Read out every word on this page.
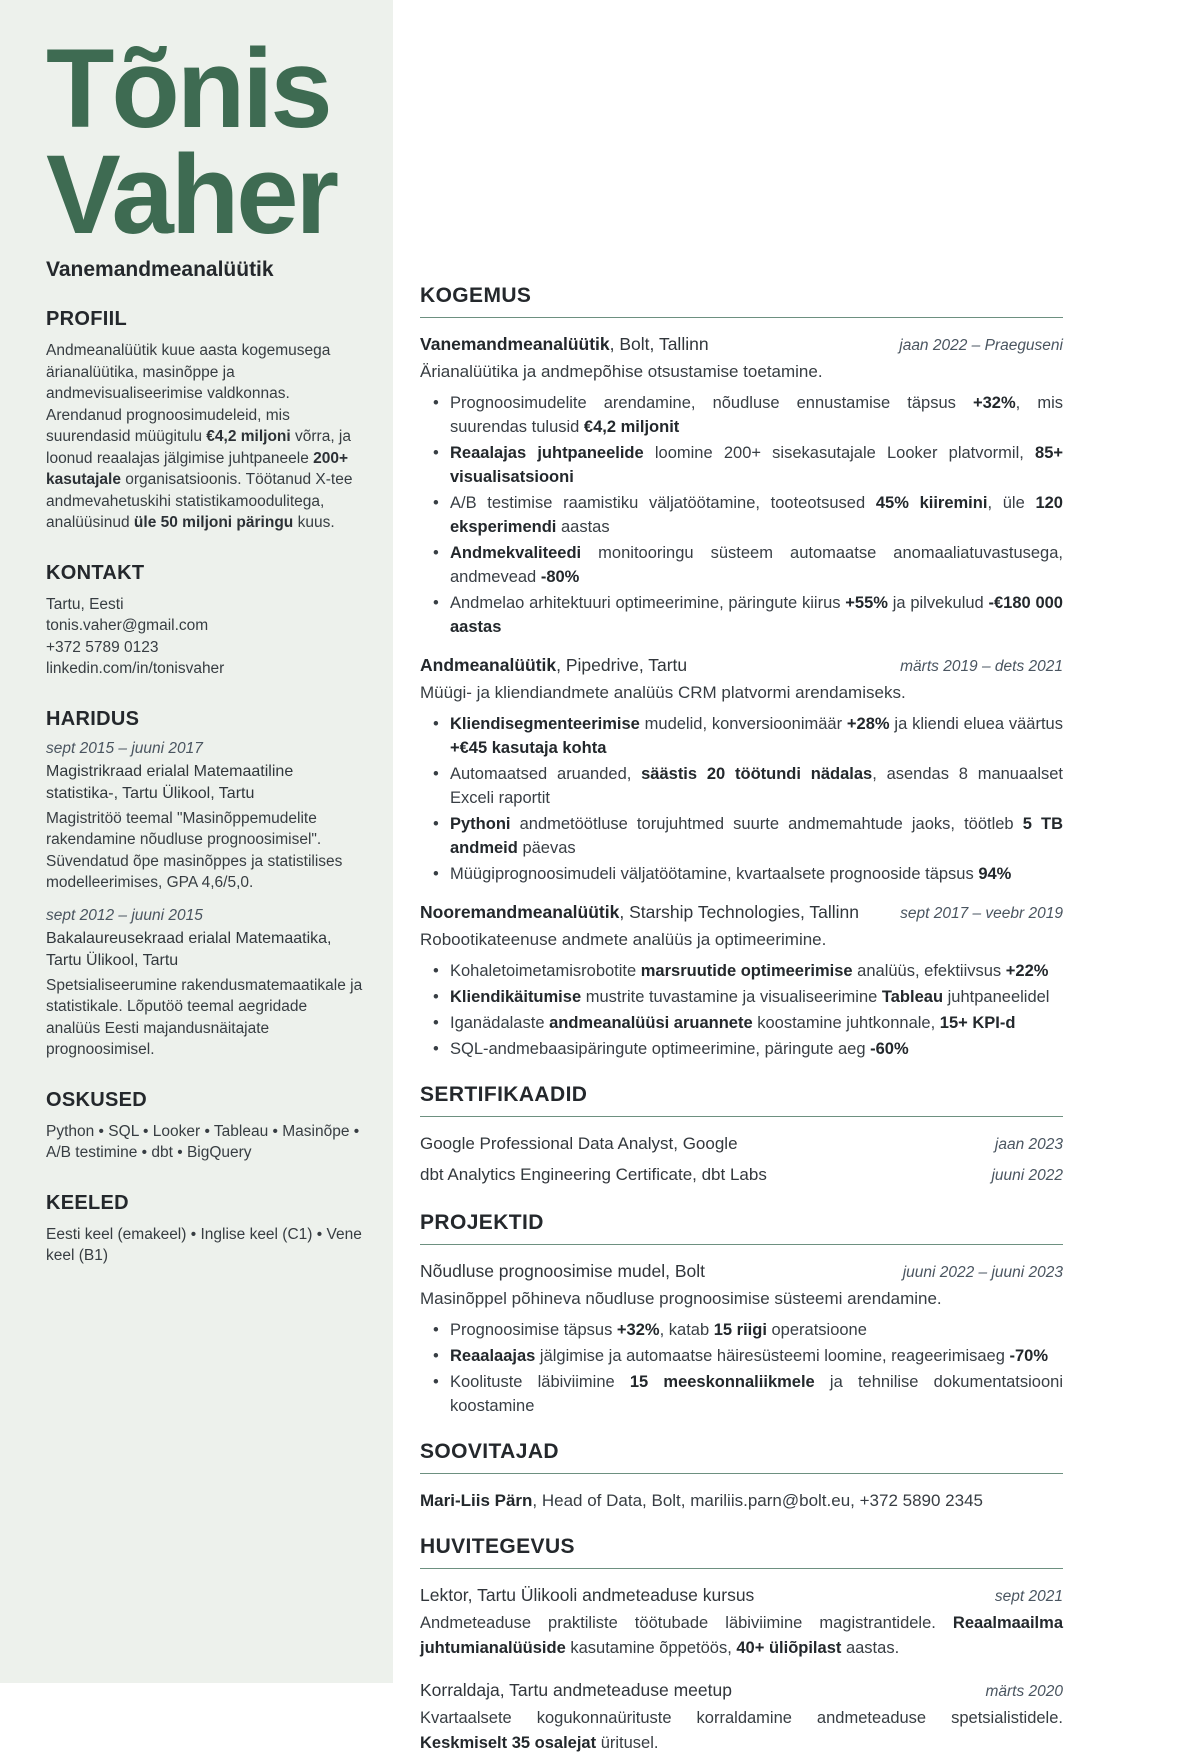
Tõnis
Vaher
Vanemandmeanalüütik
PROFIIL

Andmeanalüütik kuue aasta kogemusega ärianalüütika, masinõppe ja andmevisualiseerimise valdkonnas. Arendanud prognoosimudeleid, mis suurendasid müügitulu €4,2 miljoni võrra, ja loonud reaalajas jälgimise juhtpaneele 200+ kasutajale organisatsioonis. Töötanud X-tee andmevahetuskihi statistikamoodulitega, analüüsinud üle 50 miljoni päringu kuus.

KONTAKT
Tartu, Eesti
tonis.vaher@gmail.com
+372 5789 0123
linkedin.com/in/tonisvaher
HARIDUS
sept 2015 – juuni 2017
Magistrikraad erialal Matemaatiline statistika-, Tartu Ülikool, Tartu

Magistritöö teemal "Masinõppemudelite rakendamine nõudluse prognoosimisel". Süvendatud õpe masinõppes ja statistilises modelleerimises, GPA 4,6/5,0.

sept 2012 – juuni 2015
Bakalaureusekraad erialal Matemaatika, Tartu Ülikool, Tartu

Spetsialiseerumine rakendusmatemaatikale ja statistikale. Lõputöö teemal aegridade analüüs Eesti majandusnäitajate prognoosimisel.

OSKUSED

Python • SQL • Looker • Tableau • Masinõpe • A/B testimine • dbt • BigQuery

KEELED

Eesti keel (emakeel) • Inglise keel (C1) • Vene keel (B1)

KOGEMUS
Vanemandmeanalüütik, Bolt, Tallinn	jaan 2022 – Praeguseni
Ärianalüütika ja andmepõhise otsustamise toetamine.
• Prognoosimudelite arendamine, nõudluse ennustamise täpsus +32%, mis suurendas tulusid €4,2 miljonit
• Reaalajas juhtpaneelide loomine 200+ sisekasutajale Looker platvormil, 85+ visualisatsiooni
• A/B testimise raamistiku väljatöötamine, tooteotsused 45% kiiremini, üle 120 eksperimendi aastas
• Andmekvaliteedi monitooringu süsteem automaatse anomaaliatuvastusega, andmevead -80%
• Andmelao arhitektuuri optimeerimine, päringute kiirus +55% ja pilvekulud -€180 000 aastas
Andmeanalüütik, Pipedrive, Tartu	märts 2019 – dets 2021
Müügi- ja kliendiandmete analüüs CRM platvormi arendamiseks.
• Kliendisegmenteerimise mudelid, konversioonimäär +28% ja kliendi eluea väärtus +€45 kasutaja kohta
• Automaatsed aruanded, säästis 20 töötundi nädalas, asendas 8 manuaalset Exceli raportit
• Pythoni andmetöötluse torujuhtmed suurte andmemahtude jaoks, töötleb 5 TB andmeid päevas
• Müügiprognoosimudeli väljatöötamine, kvartaalsete prognooside täpsus 94%
Nooremandmeanalüütik, Starship Technologies, Tallinn	sept 2017 – veebr 2019
Robootikateenuse andmete analüüs ja optimeerimine.
• Kohaletoimetamisrobotite marsruutide optimeerimise analüüs, efektiivsus +22%
• Kliendikäitumise mustrite tuvastamine ja visualiseerimine Tableau juhtpaneelidel
• Iganädalaste andmeanalüüsi aruannete koostamine juhtkonnale, 15+ KPI-d
• SQL-andmebaasipäringute optimeerimine, päringute aeg -60%
SERTIFIKAADID
Google Professional Data Analyst, Google	jaan 2023
dbt Analytics Engineering Certificate, dbt Labs	juuni 2022
PROJEKTID
Nõudluse prognoosimise mudel, Bolt	juuni 2022 – juuni 2023
Masinõppel põhineva nõudluse prognoosimise süsteemi arendamine.
• Prognoosimise täpsus +32%, katab 15 riigi operatsioone
• Reaalaajas jälgimise ja automaatse häiresüsteemi loomine, reageerimisaeg -70%
• Koolituste läbiviimine 15 meeskonnaliikmele ja tehnilise dokumentatsiooni koostamine
SOOVITAJAD

Mari-Liis Pärn, Head of Data, Bolt, mariliis.parn@bolt.eu, +372 5890 2345

HUVITEGEVUS
Lektor, Tartu Ülikooli andmeteaduse kursus	sept 2021

Andmeteaduse praktiliste töötubade läbiviimine magistrantidele. Reaalmaailma juhtumianalüüside kasutamine õppetöös, 40+ üliõpilast aastas.

Korraldaja, Tartu andmeteaduse meetup	märts 2020

Kvartaalsete kogukonnaürituste korraldamine andmeteaduse spetsialistidele. Keskmiselt 35 osalejat üritusel.
